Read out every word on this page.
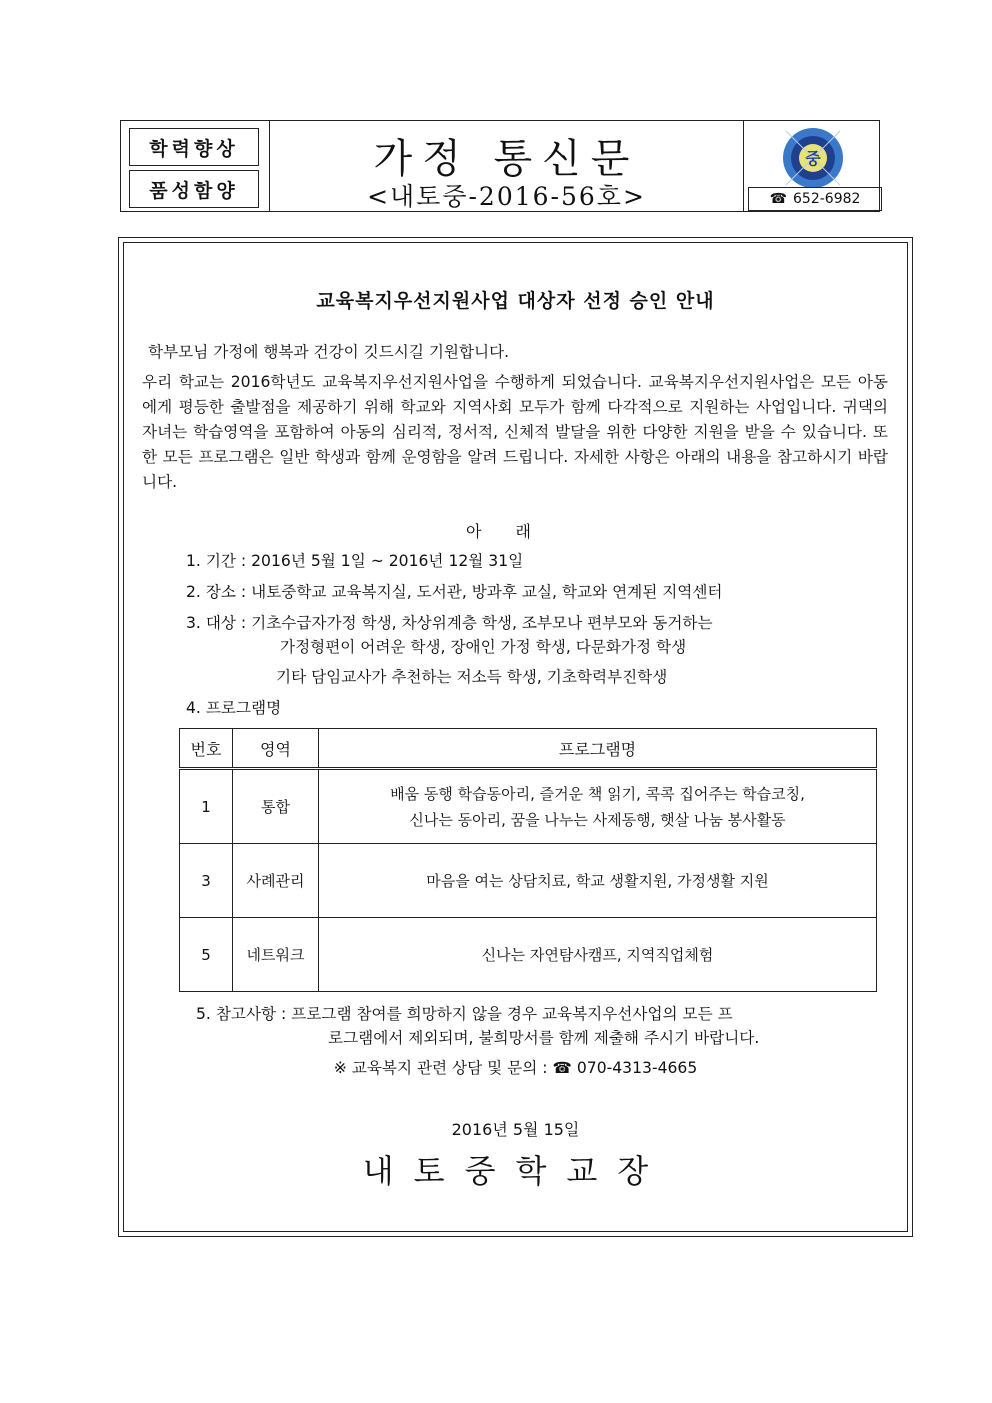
학력향상
품성함양
가정 통신문
<내토중-2016-56호>
중
☎ 652-6982
교육복지우선지원사업 대상자 선정 승인 안내
학부모님 가정에 행복과 건강이 깃드시길 기원합니다.
우리 학교는 2016학년도 교육복지우선지원사업을 수행하게 되었습니다. 교육복지우선지원사업은 모든 아동에게 평등한 출발점을 제공하기 위해 학교와 지역사회 모두가 함께 다각적으로 지원하는 사업입니다. 귀댁의 자녀는 학습영역을 포함하여 아동의 심리적, 정서적, 신체적 발달을 위한 다양한 지원을 받을 수 있습니다. 또한 모든 프로그램은 일반 학생과 함께 운영함을 알려 드립니다. 자세한 사항은 아래의 내용을 참고하시기 바랍니다.
아래
1. 기간 : 2016년 5월 1일 ~ 2016년 12월 31일
2. 장소 : 내토중학교 교육복지실, 도서관, 방과후 교실, 학교와 연계된 지역센터
3. 대상 : 기초수급자가정 학생, 차상위계층 학생, 조부모나 편부모와 동거하는
가정형편이 어려운 학생, 장애인 가정 학생, 다문화가정 학생
기타 담임교사가 추천하는 저소득 학생, 기초학력부진학생
4. 프로그램명
번호	영역	프로그램명
1	통합	배움 동행 학습동아리, 즐거운 책 읽기, 콕콕 집어주는 학습코칭,
신나는 동아리, 꿈을 나누는 사제동행, 햇살 나눔 봉사활동

3	사례관리	마음을 여는 상담치료, 학교 생활지원, 가정생활 지원

5	네트워크	신나는 자연탐사캠프, 지역직업체험
5. 참고사항 : 프로그램 참여를 희망하지 않을 경우 교육복지우선사업의 모든 프
로그램에서 제외되며, 불희망서를 함께 제출해 주시기 바랍니다.
※ 교육복지 관련 상담 및 문의 : ☎ 070-4313-4665
2016년 5월 15일
내토중학교장
